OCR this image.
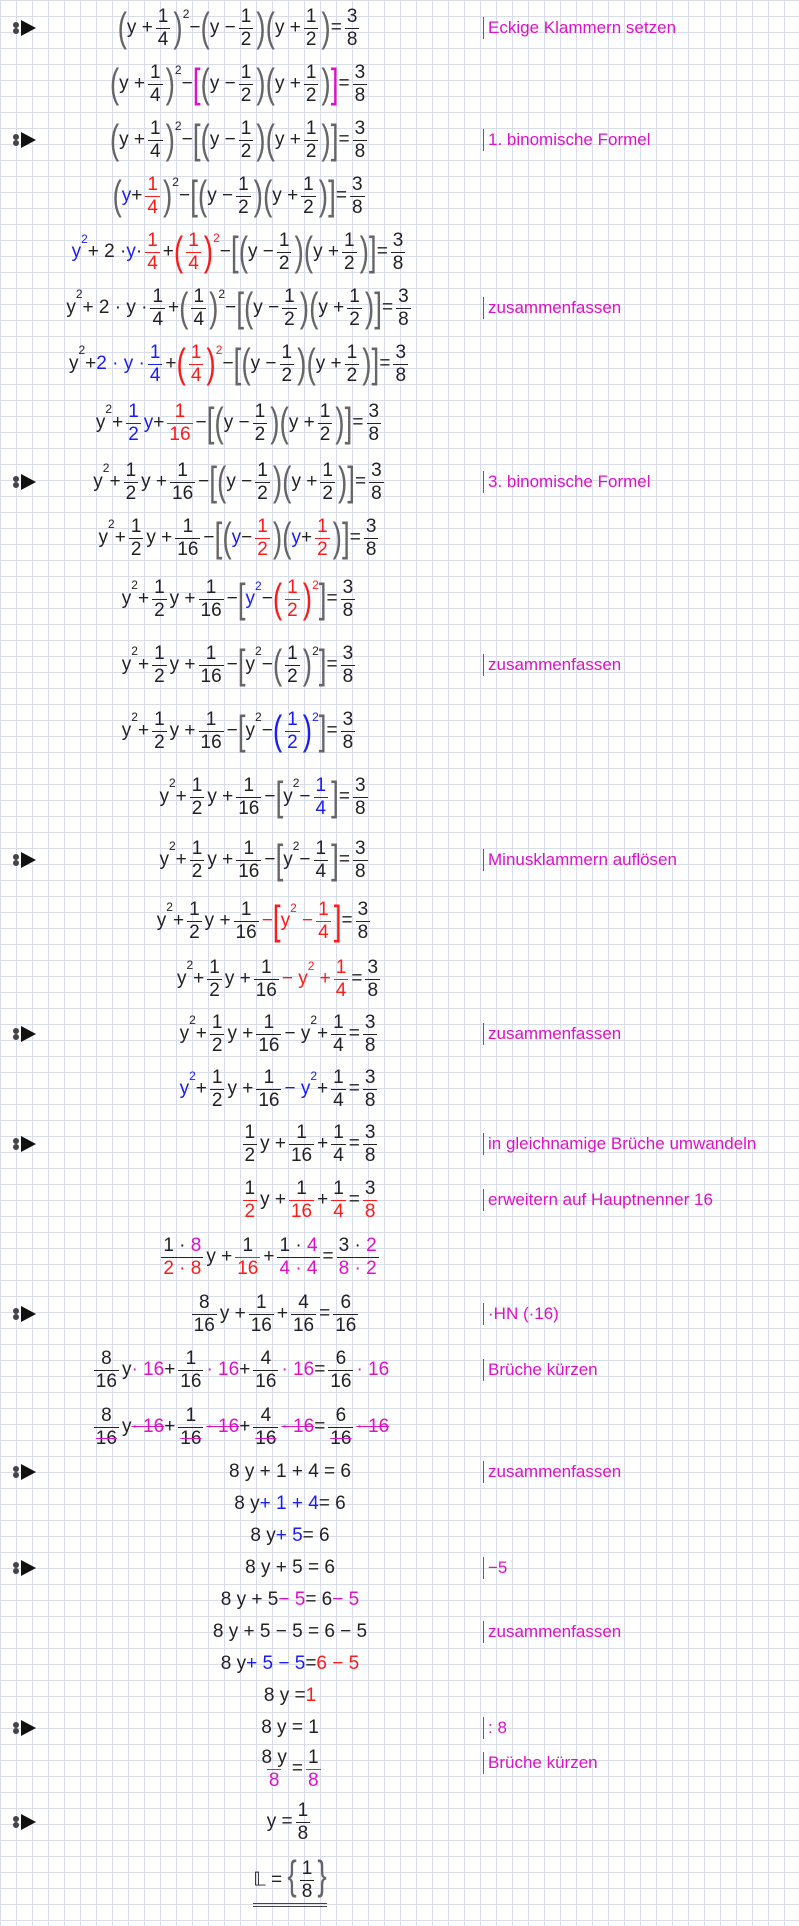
( $y + \frac{1}{4}$ ) 2
− ( $y - \frac{1}{2}$ ) ( $y + \frac{1}{2}$ ) = $\frac{3}{8}$	Eckige Klammern setzen
( $y + \frac{1}{4}$ ) 2
− [ ( $y - \frac{1}{2}$ ) ( $y + \frac{1}{2}$ ) ] = $\frac{3}{8}$
( $y + \frac{1}{4}$ ) 2
− [ ( $y - \frac{1}{2}$ ) ( $y + \frac{1}{2}$ ) ] = $\frac{3}{8}$	1. binomische Formel
( $y + \frac{1}{4}$ ) 2
− [ ( $y - \frac{1}{2}$ ) ( $y + \frac{1}{2}$ ) ] = $\frac{3}{8}$
$y^2$
+ $2 \cdot y \cdot \frac{1}{4}$ + ( $\frac{1}{4}$ ) 2
− [ ( $y - \frac{1}{2}$ ) ( $y + \frac{1}{2}$ ) ] = $\frac{3}{8}$
y
2
+ $2 \cdot y \cdot \frac{1}{4}$ + ( $\frac{1}{4}$ ) 2
− [ ( $y - \frac{1}{2}$ ) ( $y + \frac{1}{2}$ ) ] = $\frac{3}{8}$	zusammenfassen
y
2
+ $2 \cdot y \cdot \frac{1}{4}$ + ( $\frac{1}{4}$ ) 2
− [ ( $y - \frac{1}{2}$ ) ( $y + \frac{1}{2}$ ) ] = $\frac{3}{8}$
y
2
+ $\frac{1}{2}$ $y + \frac{1}{16}$ − [ ( $y - \frac{1}{2}$ ) ( $y + \frac{1}{2}$ ) ] = $\frac{3}{8}$
y
2
+ $\frac{1}{2}$ $y + \frac{1}{16}$ − [ ( $y - \frac{1}{2}$ ) ( $y + \frac{1}{2}$ ) ] = $\frac{3}{8}$	3. binomische Formel
y
2
+ $\frac{1}{2}$ $y + \frac{1}{16}$ − [ ( $y - \frac{1}{2}$ ) ( $y + \frac{1}{2}$ ) ] = $\frac{3}{8}$
y
2
+ $\frac{1}{2}$ $y + \frac{1}{16}$ − [ $y^2$
− ( $\frac{1}{2}$ ) 2 ] = $\frac{3}{8}$
y
2
+ $\frac{1}{2}$ $y + \frac{1}{16}$ − [ y
2
− ( $\frac{1}{2}$ ) 2 ] = $\frac{3}{8}$	zusammenfassen
y
2
+ $\frac{1}{2}$ $y + \frac{1}{16}$ − [ y
2
− ( $\frac{1}{2}$ ) 2 ] = $\frac{3}{8}$
y
2
+ $\frac{1}{2}$ $y + \frac{1}{16}$ − [ y
2
− $\frac{1}{4}$ ] = $\frac{3}{8}$
y
2
+ $\frac{1}{2}$ $y + \frac{1}{16}$ − [ y
2
− $\frac{1}{4}$ ] = $\frac{3}{8}$	Minusklammern auflösen
y
2
+ $\frac{1}{2}$ $y + \frac{1}{16}$ − [ $y^2 - \frac{1}{4}$ ] = $\frac{3}{8}$
y
2
+ $\frac{1}{2}$ $y + \frac{1}{16} - y^2 + \frac{1}{4} = \frac{3}{8}$
y
2
+ $\frac{1}{2}$ $y + \frac{1}{16} - y$
2
+ $\frac{1}{4} = \frac{3}{8}$	zusammenfassen
$y^2$
+ $\frac{1}{2}$ $y + \frac{1}{16} - y^2$
+ $\frac{1}{4} = \frac{3}{8}$
$\frac{1}{2}$ $y + \frac{1}{16} + \frac{1}{4} = \frac{3}{8}$	in gleichnamige Brüche umwandeln
$\frac{1}{2}$ $y + \frac{1}{16} + \frac{1}{4} = \frac{3}{8}$	erweitern auf Hauptnenner 16
$\frac{1 \cdot 8}{2 \cdot 8}$ $y + \frac{1}{16} + \frac{1 \cdot 4}{4 \cdot 4} = \frac{3 \cdot 2}{8 \cdot 2}$
$\frac{8}{16}$ $y + \frac{1}{16} + \frac{4}{16} = \frac{6}{16}$	·HN (·16)
$\frac{8}{16}$ $y \cdot 16 + \frac{1}{16} \cdot 16 + \frac{4}{16} \cdot 16 = \frac{6}{16} \cdot 16$	Brüche kürzen
$\frac{8}{16}$ $y \cdot 16 + \frac{1}{16} \cdot 16 + \frac{4}{16} \cdot 16 = \frac{6}{16} \cdot 16$
8 y + 1 + 4 = 6	zusammenfassen
8 y + 1 + 4 = 6
8 y + 5 = 6
8 y + 5 = 6	−5
8 y + 5 − 5 = 6 − 5
8 y + 5 − 5 = 6 − 5	zusammenfassen
8 y + 5 − 5 = 6 − 5
8 y = 1
8 y = 1	: 8
$\frac{8 y}{8} = \frac{1}{8}$	Brüche kürzen
$y = \frac{1}{8}$
𝕃 = { $\frac{1}{8}$ }
